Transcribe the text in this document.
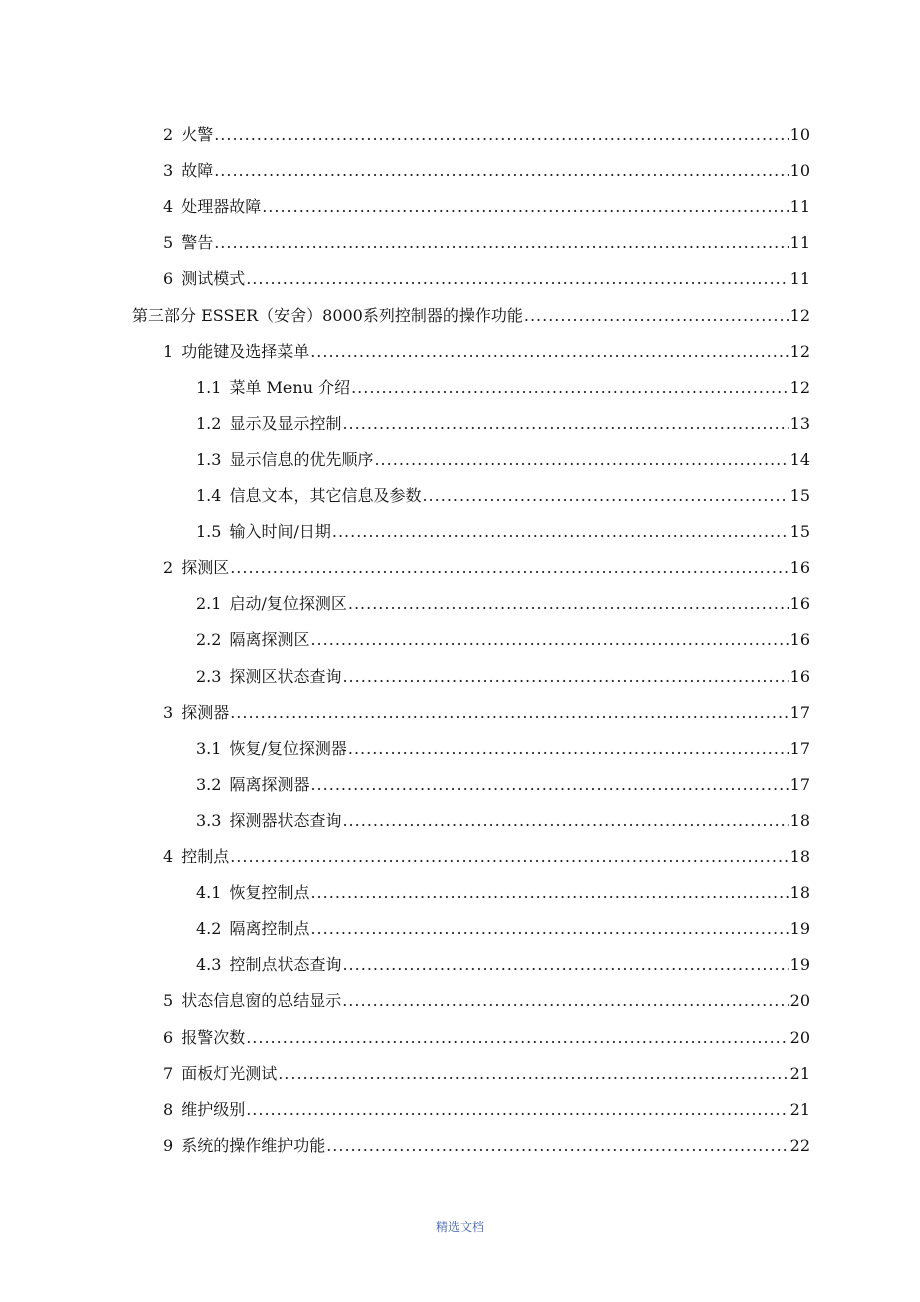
2 火警 .....	10
3 故障 .....	10
4 处理器故障 .....	11
5 警告 .....	11
6 测试模式 .....	11
第三部分 ESSER（安舍）8000系列控制器的操作功能 .....	12
1 功能键及选择菜单 .....	12
1.1 菜单 Menu 介绍 .....	12
1.2 显示及显示控制 .....	13
1.3 显示信息的优先顺序 .....	14
1.4 信息文本，其它信息及参数 .....	15
1.5 输入时间/日期 .....	15
2 探测区 .....	16
2.1 启动/复位探测区 .....	16
2.2 隔离探测区 .....	16
2.3 探测区状态查询 .....	16
3 探测器 .....	17
3.1 恢复/复位探测器 .....	17
3.2 隔离探测器 .....	17
3.3 探测器状态查询 .....	18
4 控制点 .....	18
4.1 恢复控制点 .....	18
4.2 隔离控制点 .....	19
4.3 控制点状态查询 .....	19
5 状态信息窗的总结显示 .....	20
6 报警次数 .....	20
7 面板灯光测试 .....	21
8 维护级别 .....	21
9 系统的操作维护功能 .....	22
精选文档
